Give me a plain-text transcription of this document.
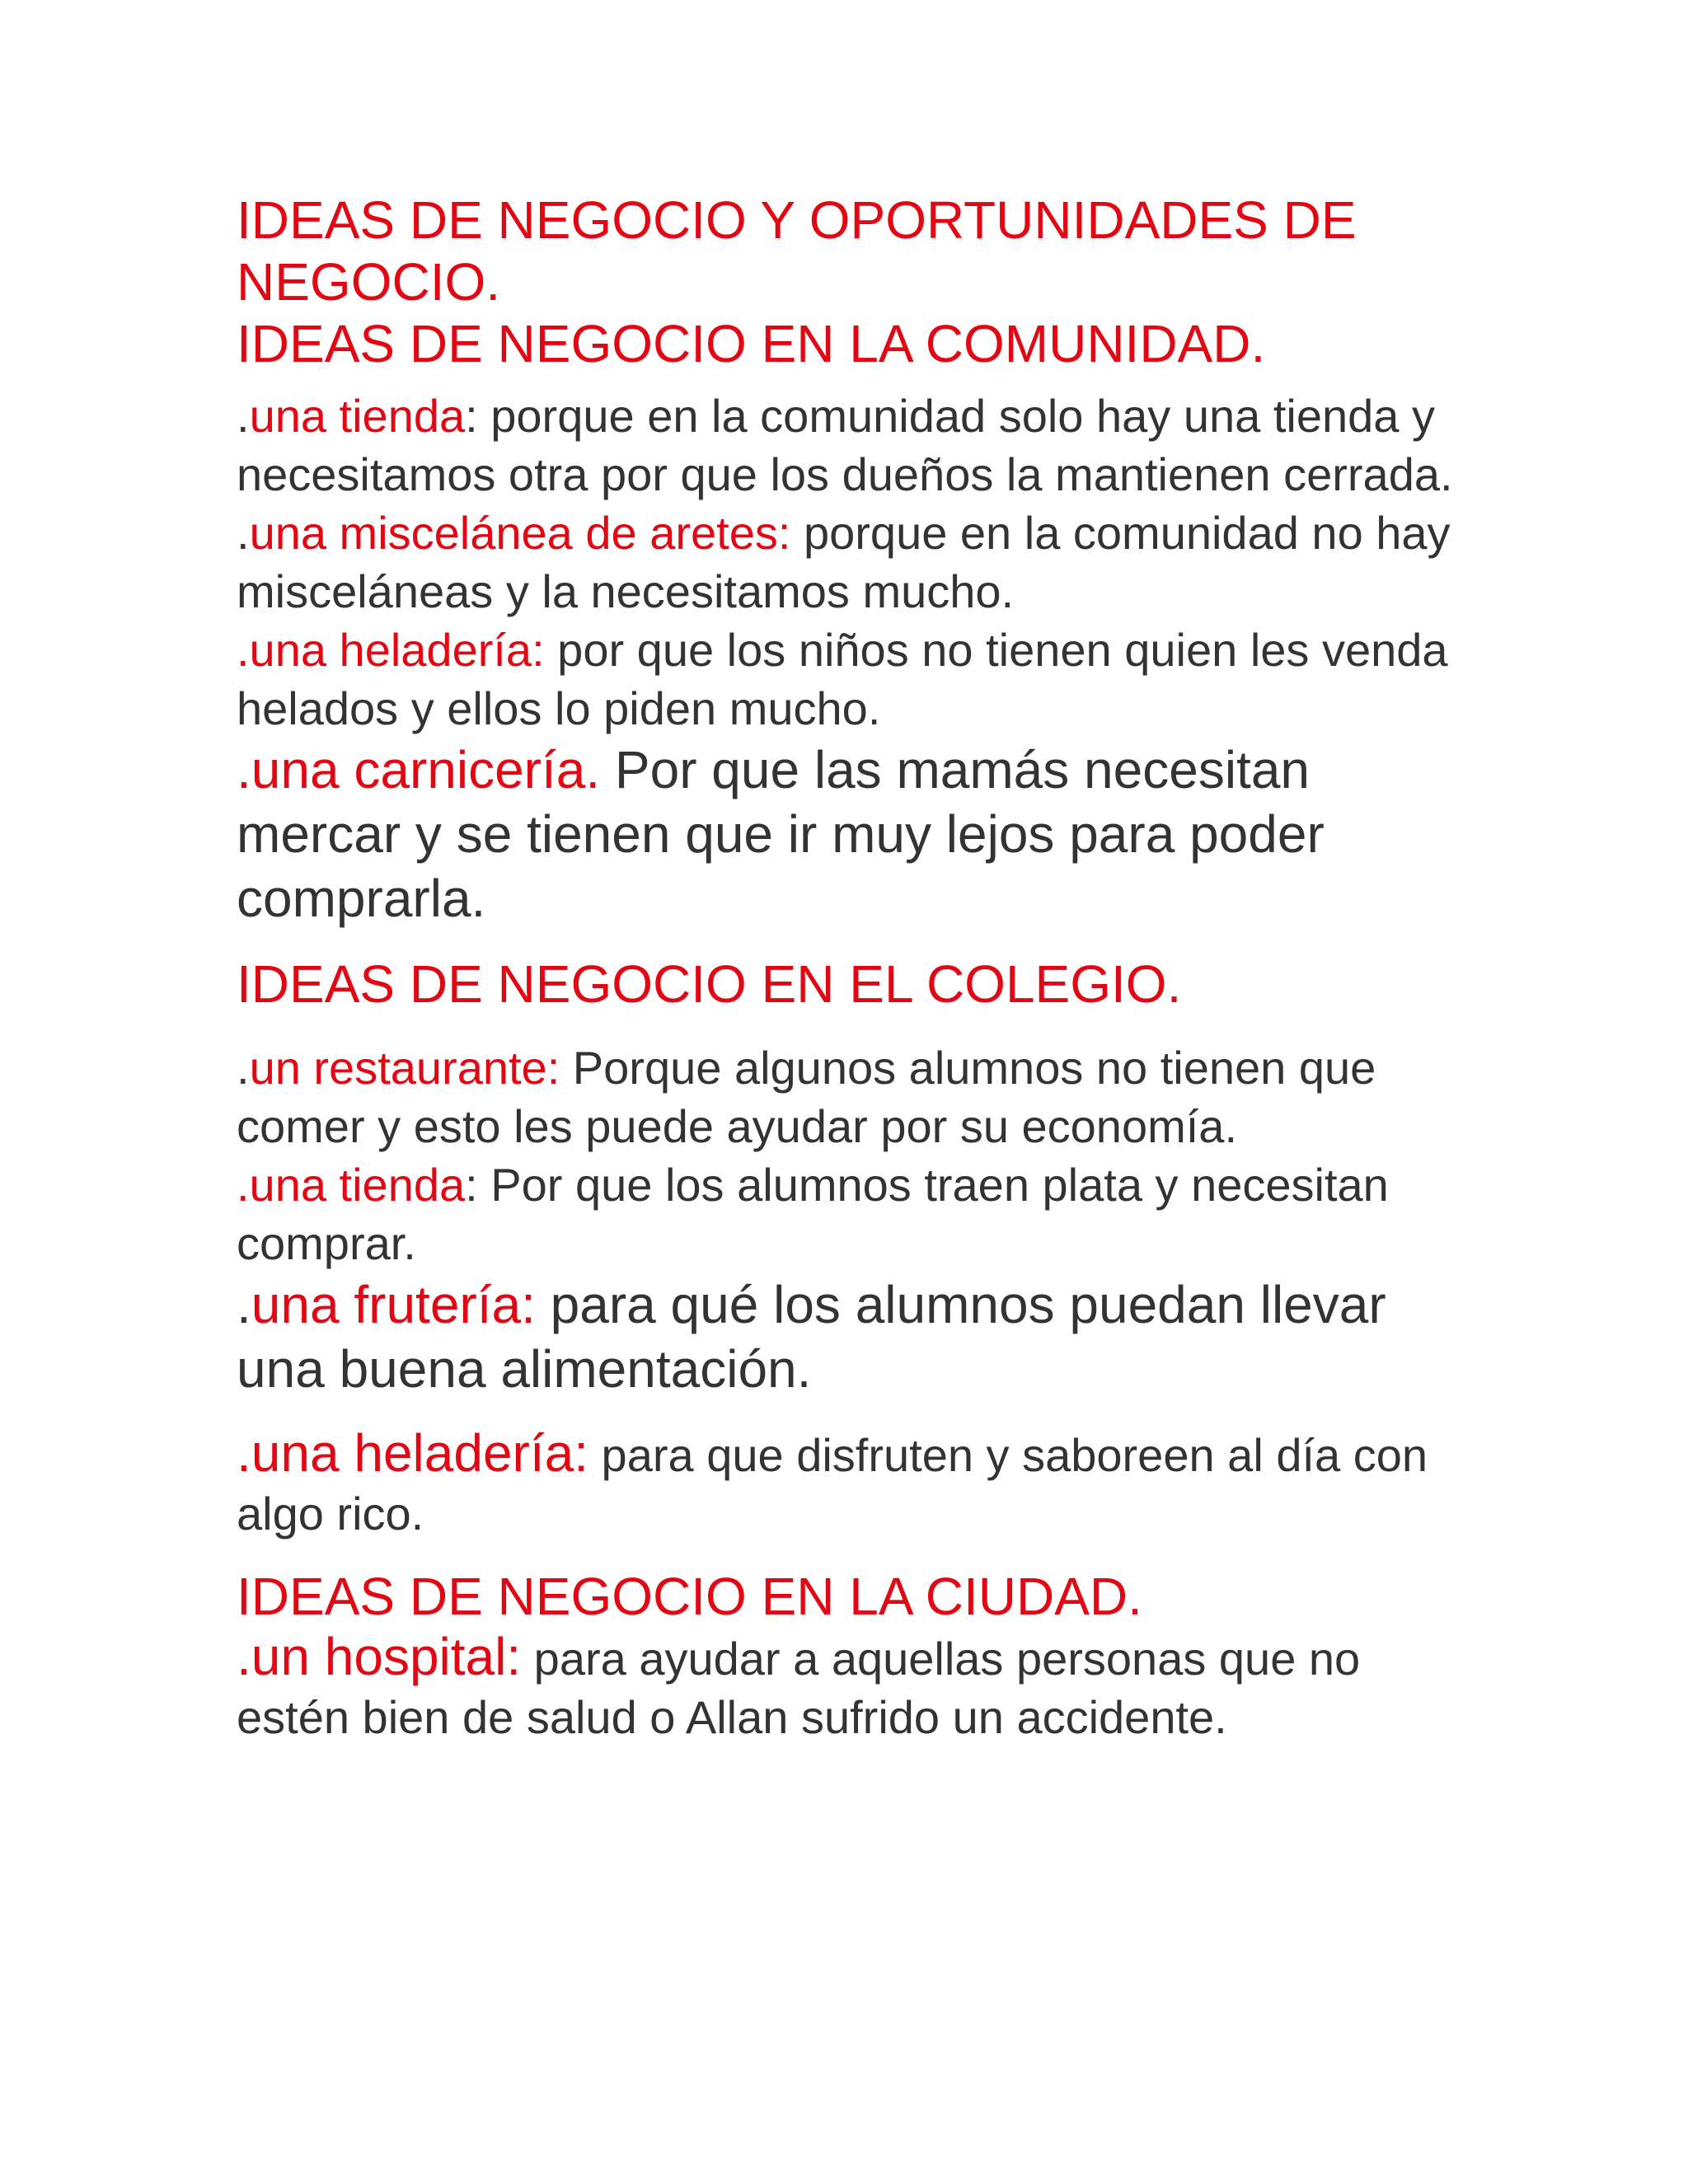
IDEAS DE NEGOCIO Y OPORTUNIDADES DE NEGOCIO.
IDEAS DE NEGOCIO EN LA COMUNIDAD.

.una tienda: porque en la comunidad solo hay una tienda y necesitamos otra por que los dueños la mantienen cerrada.

.una miscelánea de aretes: porque en la comunidad no hay misceláneas y la necesitamos mucho.

.una heladería: por que los niños no tienen quien les venda helados y ellos lo piden mucho.

.una carnicería. Por que las mamás necesitan mercar y se tienen que ir muy lejos para poder comprarla.

IDEAS DE NEGOCIO EN EL COLEGIO.

.un restaurante: Porque algunos alumnos no tienen que comer y esto les puede ayudar por su economía.

.una tienda: Por que los alumnos traen plata y necesitan comprar.

.una frutería: para qué los alumnos puedan llevar una buena alimentación.

.una heladería: para que disfruten y saboreen al día con algo rico.

IDEAS DE NEGOCIO EN LA CIUDAD.

.un hospital: para ayudar a aquellas personas que no estén bien de salud o Allan sufrido un accidente.
